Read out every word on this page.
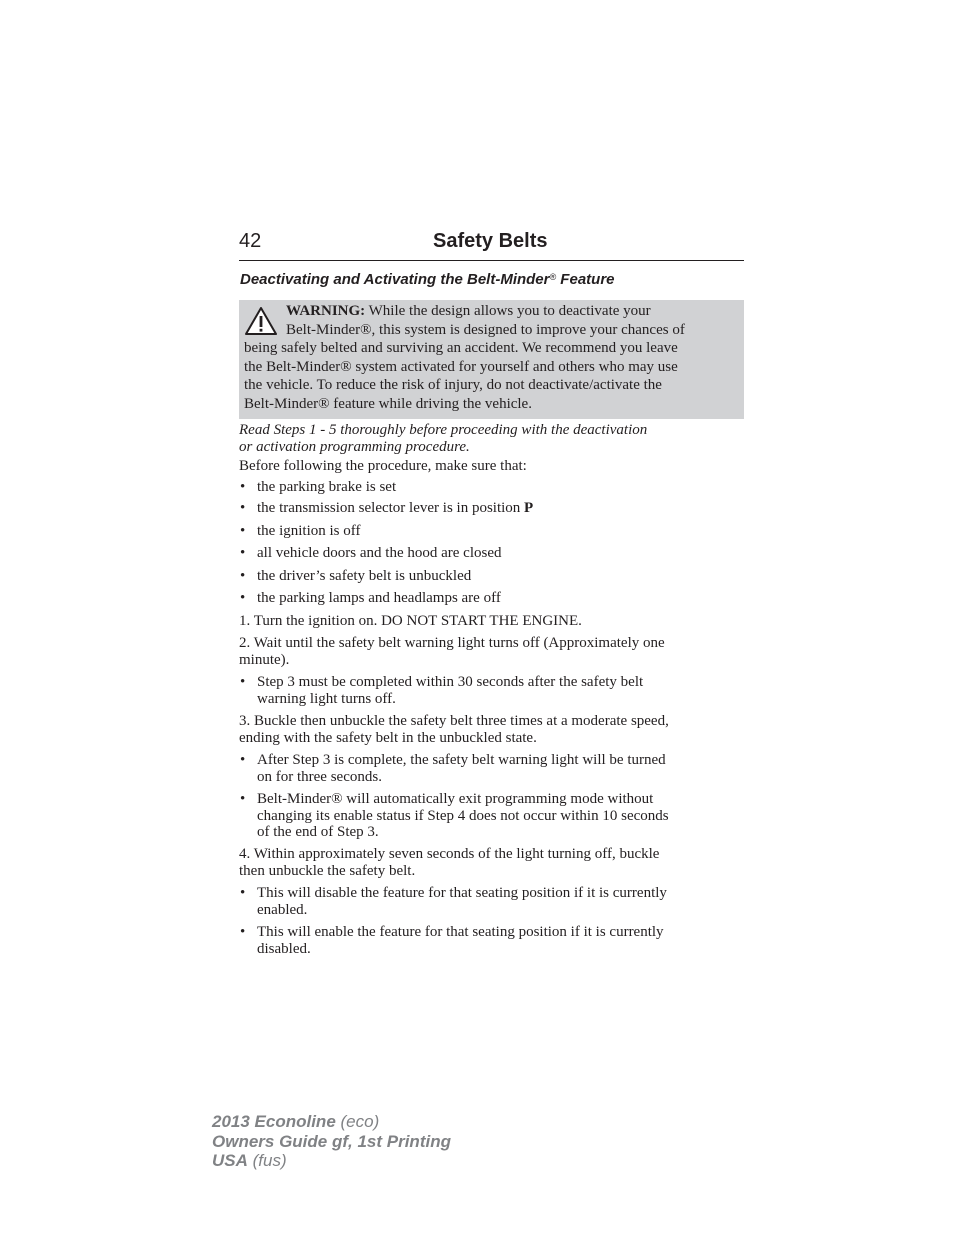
42	Safety Belts
Deactivating and Activating the Belt-Minder® Feature
WARNING: While the design allows you to deactivate your
Belt-Minder®, this system is designed to improve your chances of
being safely belted and surviving an accident. We recommend you leave
the Belt-Minder® system activated for yourself and others who may use
the vehicle. To reduce the risk of injury, do not deactivate/activate the
Belt-Minder® feature while driving the vehicle.
Read Steps 1 - 5 thoroughly before proceeding with the deactivation
or activation programming procedure.
Before following the procedure, make sure that:
• the parking brake is set
• the transmission selector lever is in position P
• the ignition is off
• all vehicle doors and the hood are closed
• the driver’s safety belt is unbuckled
• the parking lamps and headlamps are off
1. Turn the ignition on. DO NOT START THE ENGINE.
2. Wait until the safety belt warning light turns off (Approximately one
minute).
• Step 3 must be completed within 30 seconds after the safety belt
warning light turns off.
3. Buckle then unbuckle the safety belt three times at a moderate speed,
ending with the safety belt in the unbuckled state.
• After Step 3 is complete, the safety belt warning light will be turned
on for three seconds.
• Belt-Minder® will automatically exit programming mode without
changing its enable status if Step 4 does not occur within 10 seconds
of the end of Step 3.
4. Within approximately seven seconds of the light turning off, buckle
then unbuckle the safety belt.
• This will disable the feature for that seating position if it is currently
enabled.
• This will enable the feature for that seating position if it is currently
disabled.
2013 Econoline (eco)
Owners Guide gf, 1st Printing
USA (fus)
